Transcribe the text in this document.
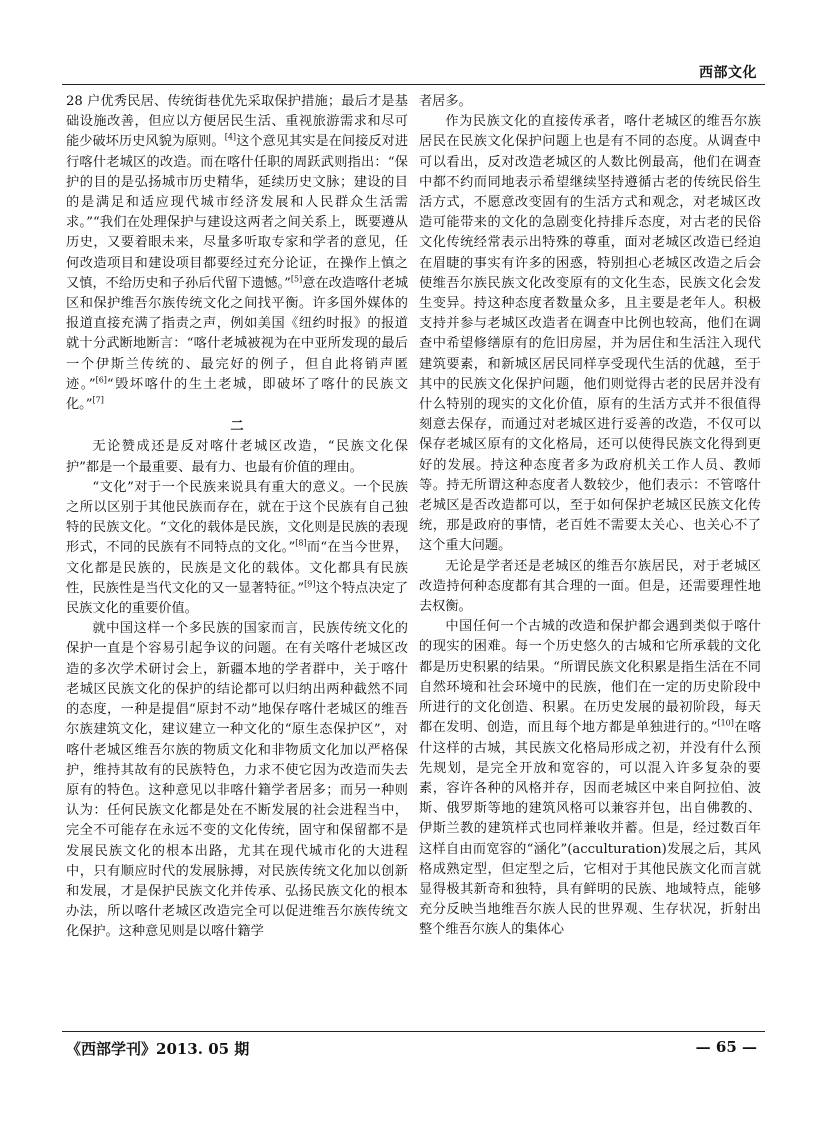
西部文化

28 户优秀民居、传统街巷优先采取保护措施；最后才是基础设施改善，但应以方便居民生活、重视旅游需求和尽可能少破坏历史风貌为原则。[4]这个意见其实是在间接反对进行喀什老城区的改造。而在喀什任职的周跃武则指出：“保护的目的是弘扬城市历史精华，延续历史文脉；建设的目的是满足和适应现代城市经济发展和人民群众生活需求。”“我们在处理保护与建设这两者之间关系上，既要遵从历史，又要着眼未来，尽量多听取专家和学者的意见，任何改造项目和建设项目都要经过充分论证，在操作上慎之又慎，不给历史和子孙后代留下遗憾。”[5]意在改造喀什老城区和保护维吾尔族传统文化之间找平衡。许多国外媒体的报道直接充满了指责之声，例如美国《纽约时报》的报道就十分武断地断言：“喀什老城被视为在中亚所发现的最后一个伊斯兰传统的、最完好的例子，但自此将销声匿迹。”[6]“毁坏喀什的生土老城，即破坏了喀什的民族文化。”[7]

二

无论赞成还是反对喀什老城区改造，“民族文化保护”都是一个最重要、最有力、也最有价值的理由。

“文化”对于一个民族来说具有重大的意义。一个民族之所以区别于其他民族而存在，就在于这个民族有自己独特的民族文化。“文化的载体是民族，文化则是民族的表现形式，不同的民族有不同特点的文化。”[8]而“在当今世界，文化都是民族的，民族是文化的载体。文化都具有民族性，民族性是当代文化的又一显著特征。”[9]这个特点决定了民族文化的重要价值。

就中国这样一个多民族的国家而言，民族传统文化的保护一直是个容易引起争议的问题。在有关喀什老城区改造的多次学术研讨会上，新疆本地的学者群中，关于喀什老城区民族文化的保护的结论都可以归纳出两种截然不同的态度，一种是提倡“原封不动”地保存喀什老城区的维吾尔族建筑文化，建议建立一种文化的“原生态保护区”，对喀什老城区维吾尔族的物质文化和非物质文化加以严格保护，维持其故有的民族特色，力求不使它因为改造而失去原有的特色。这种意见以非喀什籍学者居多；而另一种则认为：任何民族文化都是处在不断发展的社会进程当中，完全不可能存在永远不变的文化传统，固守和保留都不是发展民族文化的根本出路，尤其在现代城市化的大进程中，只有顺应时代的发展脉搏，对民族传统文化加以创新和发展，才是保护民族文化并传承、弘扬民族文化的根本办法，所以喀什老城区改造完全可以促进维吾尔族传统文化保护。这种意见则是以喀什籍学

者居多。

作为民族文化的直接传承者，喀什老城区的维吾尔族居民在民族文化保护问题上也是有不同的态度。从调查中可以看出，反对改造老城区的人数比例最高，他们在调查中都不约而同地表示希望继续坚持遵循古老的传统民俗生活方式，不愿意改变固有的生活方式和观念，对老城区改造可能带来的文化的急剧变化持排斥态度，对古老的民俗文化传统经常表示出特殊的尊重，面对老城区改造已经迫在眉睫的事实有许多的困惑，特别担心老城区改造之后会使维吾尔族民族文化改变原有的文化生态，民族文化会发生变异。持这种态度者数量众多，且主要是老年人。积极支持并参与老城区改造者在调查中比例也较高，他们在调查中希望修缮原有的危旧房屋，并为居住和生活注入现代建筑要素，和新城区居民同样享受现代生活的优越，至于其中的民族文化保护问题，他们则觉得古老的民居并没有什么特别的现实的文化价值，原有的生活方式并不很值得刻意去保存，而通过对老城区进行妥善的改造，不仅可以保存老城区原有的文化格局，还可以使得民族文化得到更好的发展。持这种态度者多为政府机关工作人员、教师等。持无所谓这种态度者人数较少，他们表示：不管喀什老城区是否改造都可以，至于如何保护老城区民族文化传统，那是政府的事情，老百姓不需要太关心、也关心不了这个重大问题。

无论是学者还是老城区的维吾尔族居民，对于老城区改造持何种态度都有其合理的一面。但是，还需要理性地去权衡。

中国任何一个古城的改造和保护都会遇到类似于喀什的现实的困难。每一个历史悠久的古城和它所承载的文化都是历史积累的结果。“所谓民族文化积累是指生活在不同自然环境和社会环境中的民族，他们在一定的历史阶段中所进行的文化创造、积累。在历史发展的最初阶段，每天都在发明、创造，而且每个地方都是单独进行的。”[10]在喀什这样的古城，其民族文化格局形成之初，并没有什么预先规划，是完全开放和宽容的，可以混入许多复杂的要素，容许各种的风格并存，因而老城区中来自阿拉伯、波斯、俄罗斯等地的建筑风格可以兼容并包，出自佛教的、伊斯兰教的建筑样式也同样兼收并蓄。但是，经过数百年这样自由而宽容的“涵化”(acculturation)发展之后，其风格成熟定型，但定型之后，它相对于其他民族文化而言就显得极其新奇和独特，具有鲜明的民族、地域特点，能够充分反映当地维吾尔族人民的世界观、生存状况，折射出整个维吾尔族人的集体心

《西部学刊》2013. 05 期	— 65 —
